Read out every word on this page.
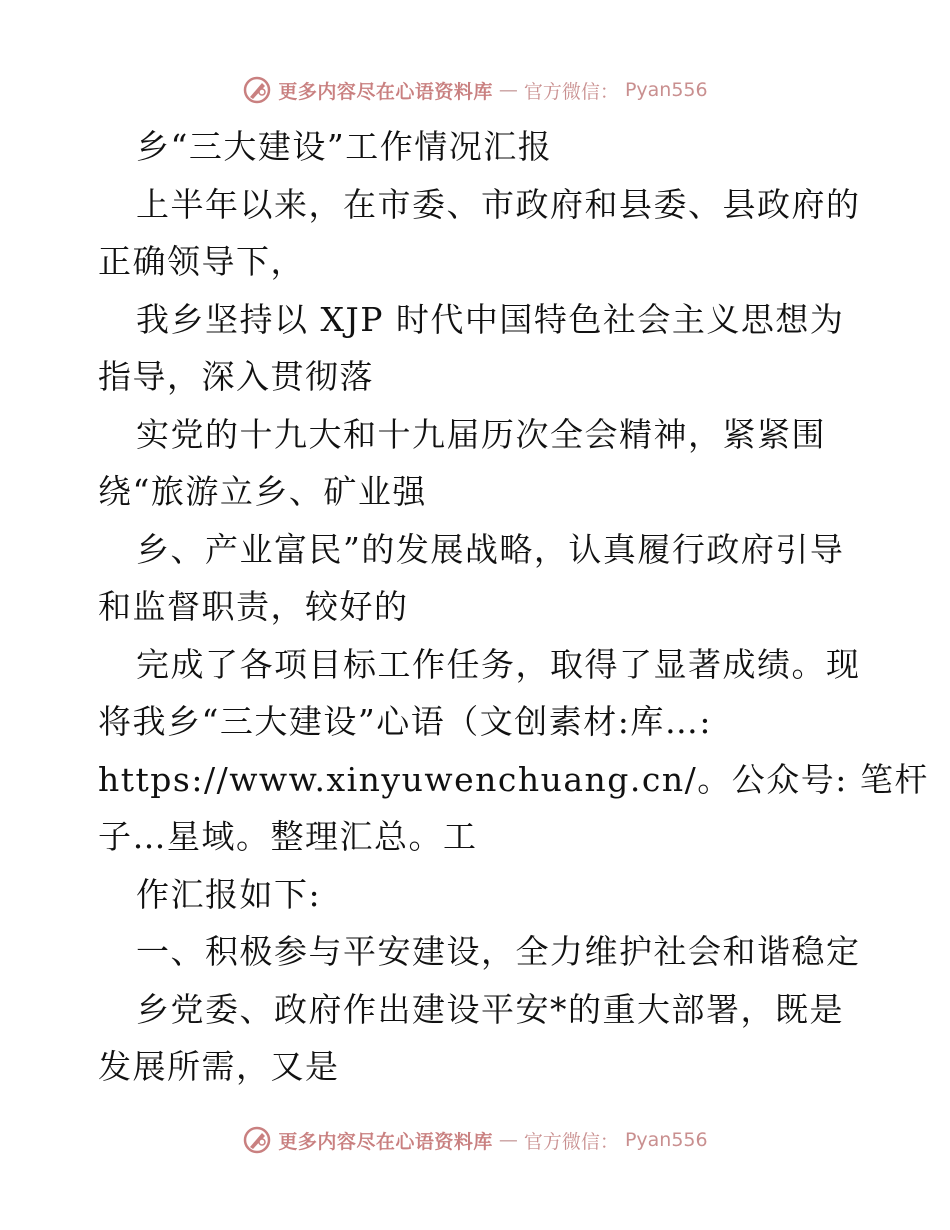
更多内容尽在心语资料库 — 官方微信： Pyan556
乡“三大建设”工作情况汇报
上半年以来，在市委、市政府和县委、县政府的
正确领导下，
我乡坚持以 XJP 时代中国特色社会主义思想为
指导，深入贯彻落
实党的十九大和十九届历次全会精神，紧紧围
绕“旅游立乡、矿业强
乡、产业富民”的发展战略，认真履行政府引导
和监督职责，较好的
完成了各项目标工作任务，取得了显著成绩。现
将我乡“三大建设”心语（文创素材:库…:
https://www.xinyuwenchuang.cn/。公众号: 笔杆
子…星域。整理汇总。工
作汇报如下:
一、积极参与平安建设，全力维护社会和谐稳定
乡党委、政府作出建设平安*的重大部署，既是
发展所需，又是
更多内容尽在心语资料库 — 官方微信： Pyan556
